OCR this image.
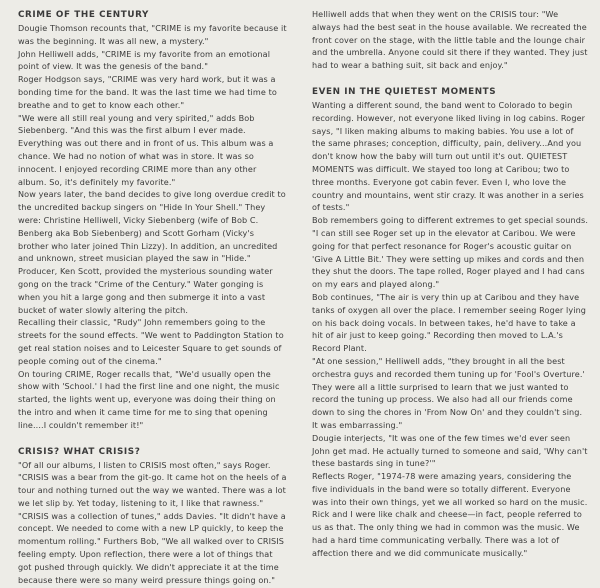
CRIME OF THE CENTURY

Dougie Thomson recounts that, "CRIME is my favorite because it was the beginning. It was all new, a mystery."

John Helliwell adds, "CRIME is my favorite from an emotional point of view. It was the genesis of the band."

Roger Hodgson says, "CRIME was very hard work, but it was a bonding time for the band. It was the last time we had time to breathe and to get to know each other."

"We were all still real young and very spirited," adds Bob Siebenberg. "And this was the first album I ever made. Everything was out there and in front of us. This album was a chance. We had no notion of what was in store. It was so innocent. I enjoyed recording CRIME more than any other album. So, it's definitely my favorite."

Now years later, the band decides to give long overdue credit to the uncredited backup singers on "Hide In Your Shell." They were: Christine Helliwell, Vicky Siebenberg (wife of Bob C. Benberg aka Bob Siebenberg) and Scott Gorham (Vicky's brother who later joined Thin Lizzy). In addition, an uncredited and unknown, street musician played the saw in "Hide." Producer, Ken Scott, provided the mysterious sounding water gong on the track "Crime of the Century." Water gonging is when you hit a large gong and then submerge it into a vast bucket of water slowly altering the pitch.

Recalling their classic, "Rudy" John remembers going to the streets for the sound effects. "We went to Paddington Station to get real station noises and to Leicester Square to get sounds of people coming out of the cinema."

On touring CRIME, Roger recalls that, "We'd usually open the show with 'School.' I had the first line and one night, the music started, the lights went up, everyone was doing their thing on the intro and when it came time for me to sing that opening line....I couldn't remember it!"

CRISIS? WHAT CRISIS?

"Of all our albums, I listen to CRISIS most often," says Roger. "CRISIS was a bear from the git-go. It came hot on the heels of a tour and nothing turned out the way we wanted. There was a lot we let slip by. Yet today, listening to it, I like that rawness."

"CRISIS was a collection of tunes," adds Davies. "It didn't have a concept. We needed to come with a new LP quickly, to keep the momentum rolling." Furthers Bob, "We all walked over to CRISIS feeling empty. Upon reflection, there were a lot of things that got pushed through quickly. We didn't appreciate it at the time because there were so many weird pressure things going on."

Helliwell adds that when they went on the CRISIS tour: "We always had the best seat in the house available. We recreated the front cover on the stage, with the little table and the lounge chair and the umbrella. Anyone could sit there if they wanted. They just had to wear a bathing suit, sit back and enjoy."

EVEN IN THE QUIETEST MOMENTS

Wanting a different sound, the band went to Colorado to begin recording. However, not everyone liked living in log cabins. Roger says, "I liken making albums to making babies. You use a lot of the same phrases; conception, difficulty, pain, delivery...And you don't know how the baby will turn out until it's out. QUIETEST MOMENTS was difficult. We stayed too long at Caribou; two to three months. Everyone got cabin fever. Even I, who love the country and mountains, went stir crazy. It was another in a series of tests."

Bob remembers going to different extremes to get special sounds. "I can still see Roger set up in the elevator at Caribou. We were going for that perfect resonance for Roger's acoustic guitar on 'Give A Little Bit.' They were setting up mikes and cords and then they shut the doors. The tape rolled, Roger played and I had cans on my ears and played along."

Bob continues, "The air is very thin up at Caribou and they have tanks of oxygen all over the place. I remember seeing Roger lying on his back doing vocals. In between takes, he'd have to take a hit of air just to keep going." Recording then moved to L.A.'s Record Plant.

"At one session," Helliwell adds, "they brought in all the best orchestra guys and recorded them tuning up for 'Fool's Overture.' They were all a little surprised to learn that we just wanted to record the tuning up process. We also had all our friends come down to sing the chores in 'From Now On' and they couldn't sing. It was embarrassing."

Dougie interjects, "It was one of the few times we'd ever seen John get mad. He actually turned to someone and said, 'Why can't these bastards sing in tune?'"

Reflects Roger, "1974-78 were amazing years, considering the five individuals in the band were so totally different. Everyone was into their own things, yet we all worked so hard on the music. Rick and I were like chalk and cheese—in fact, people referred to us as that. The only thing we had in common was the music. We had a hard time communicating verbally. There was a lot of affection there and we did communicate musically."
